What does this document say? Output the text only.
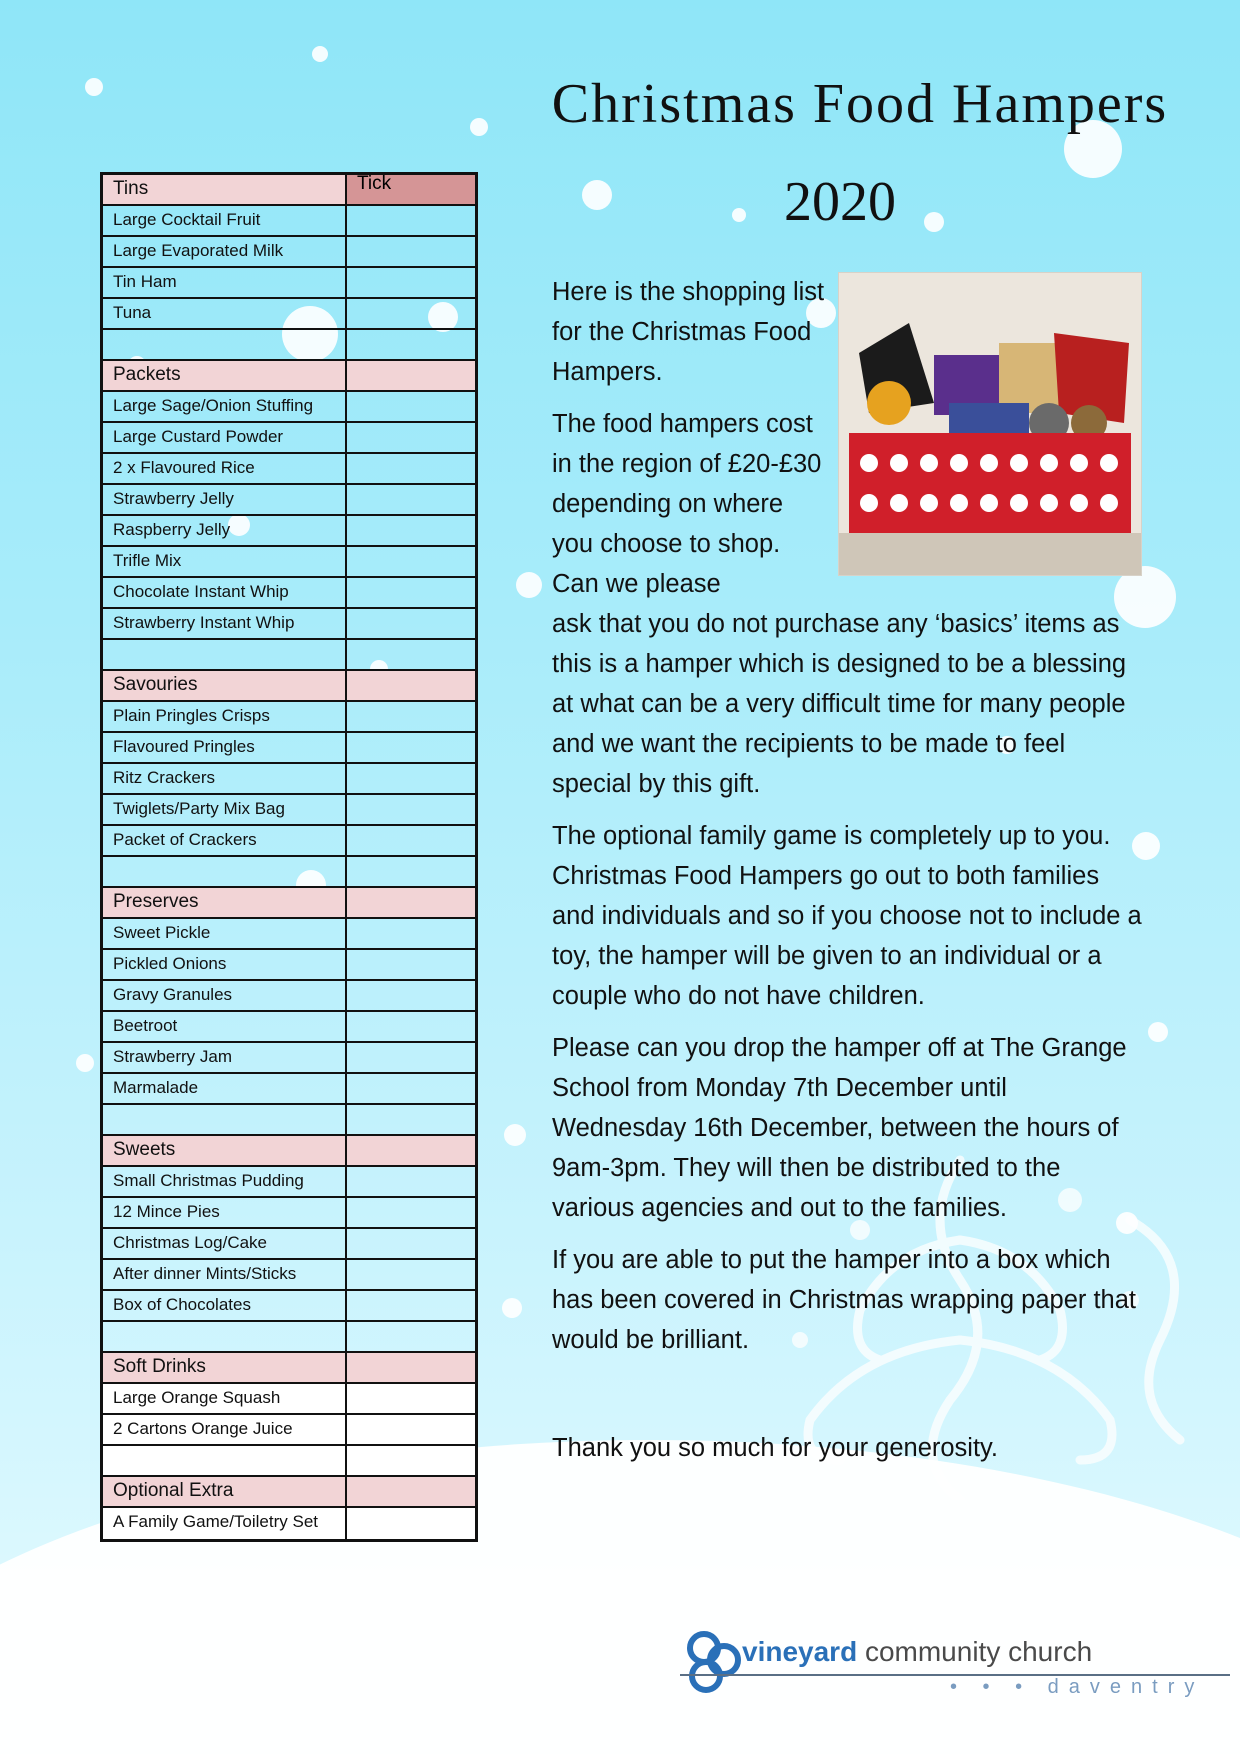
Christmas Food Hampers
2020
Tins	Tick
Large Cocktail Fruit
Large Evaporated Milk
Tin Ham
Tuna
Packets
Large Sage/Onion Stuffing
Large Custard Powder
2 x Flavoured Rice
Strawberry Jelly
Raspberry Jelly
Trifle Mix
Chocolate Instant Whip
Strawberry Instant Whip
Savouries
Plain Pringles Crisps
Flavoured Pringles
Ritz Crackers
Twiglets/Party Mix Bag
Packet of Crackers
Preserves
Sweet Pickle
Pickled Onions
Gravy Granules
Beetroot
Strawberry Jam
Marmalade
Sweets
Small Christmas Pudding
12 Mince Pies
Christmas Log/Cake
After dinner Mints/Sticks
Box of Chocolates
Soft Drinks
Large Orange Squash
2 Cartons Orange Juice
Optional Extra
A Family Game/Toiletry Set

Here is the shopping list for the Christmas Food Hampers.

The food hampers cost in the region of £20-£30 depending on where you choose to shop. Can we please

ask that you do not purchase any ‘basics’ items as this is a hamper which is designed to be a blessing at what can be a very difficult time for many people and we want the recipients to be made to feel special by this gift.

The optional family game is completely up to you. Christmas Food Hampers go out to both families and individuals and so if you choose not to include a toy, the hamper will be given to an individual or a couple who do not have children.

Please can you drop the hamper off at The Grange School from Monday 7th December until Wednesday 16th December, between the hours of 9am-3pm. They will then be distributed to the various agencies and out to the families.

If you are able to put the hamper into a box which has been covered in Christmas wrapping paper that would be brilliant.

Thank you so much for your generosity.
vineyard community church
• • • daventry
